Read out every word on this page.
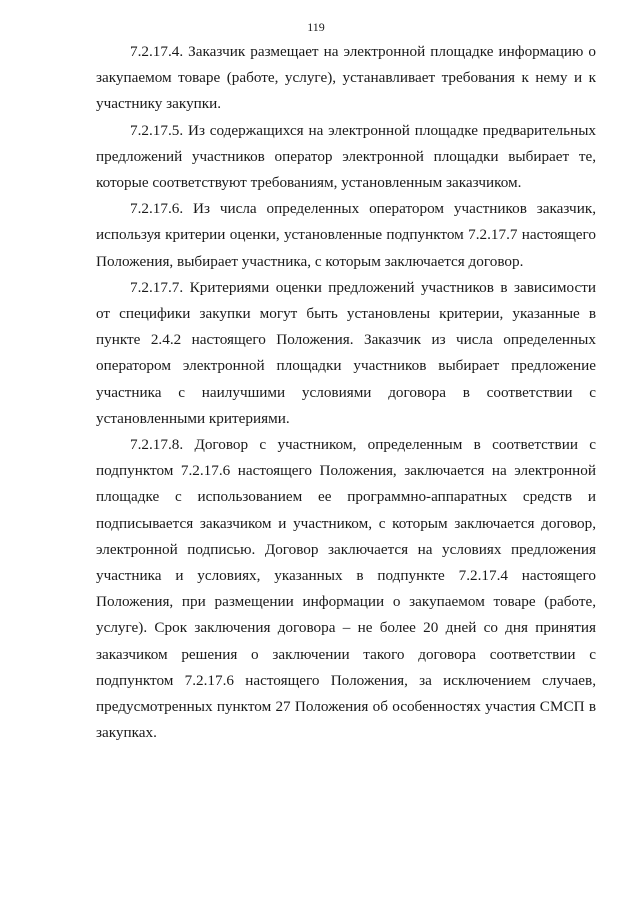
119

7.2.17.4. Заказчик размещает на электронной площадке информацию о закупаемом товаре (работе, услуге), устанавливает требования к нему и к участнику закупки.

7.2.17.5. Из содержащихся на электронной площадке предварительных предложений участников оператор электронной площадки выбирает те, которые соответствуют требованиям, установленным заказчиком.

7.2.17.6. Из числа определенных оператором участников заказчик, используя критерии оценки, установленные подпунктом 7.2.17.7 настоящего Положения, выбирает участника, с которым заключается договор.

7.2.17.7. Критериями оценки предложений участников в зависимости от специфики закупки могут быть установлены критерии, указанные в пункте 2.4.2 настоящего Положения. Заказчик из числа определенных оператором электронной площадки участников выбирает предложение участника с наилучшими условиями договора в соответствии с установленными критериями.

7.2.17.8. Договор с участником, определенным в соответствии с подпунктом 7.2.17.6 настоящего Положения, заключается на электронной площадке с использованием ее программно-аппаратных средств и подписывается заказчиком и участником, с которым заключается договор, электронной подписью. Договор заключается на условиях предложения участника и условиях, указанных в подпункте 7.2.17.4 настоящего Положения, при размещении информации о закупаемом товаре (работе, услуге). Срок заключения договора – не более 20 дней со дня принятия заказчиком решения о заключении такого договора соответствии с подпунктом 7.2.17.6 настоящего Положения, за исключением случаев, предусмотренных пунктом 27 Положения об особенностях участия СМСП в закупках.
